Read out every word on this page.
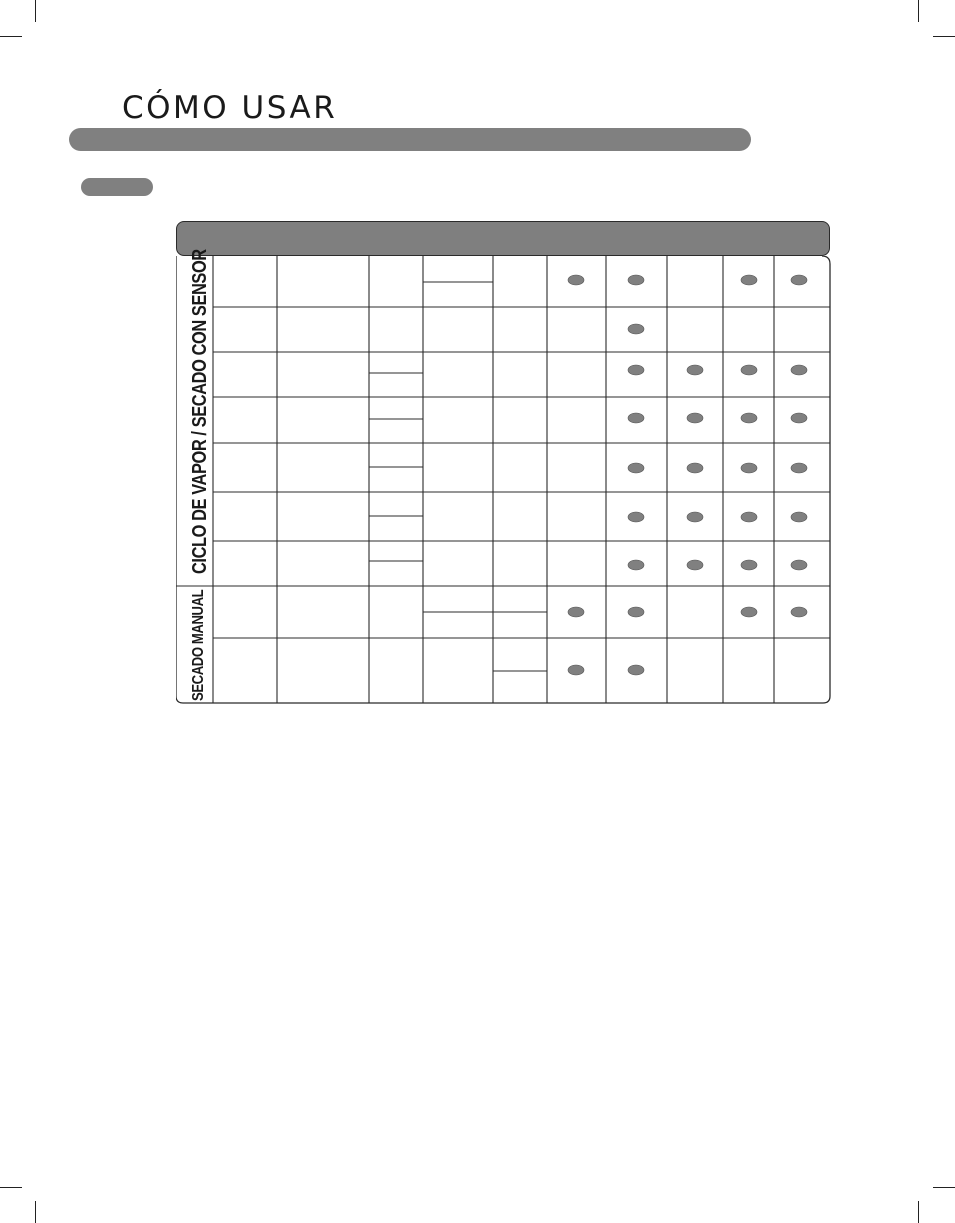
CÓMO USAR
CICLO DE VAPOR / SECADO CON SENSOR
SECADO MANUAL
